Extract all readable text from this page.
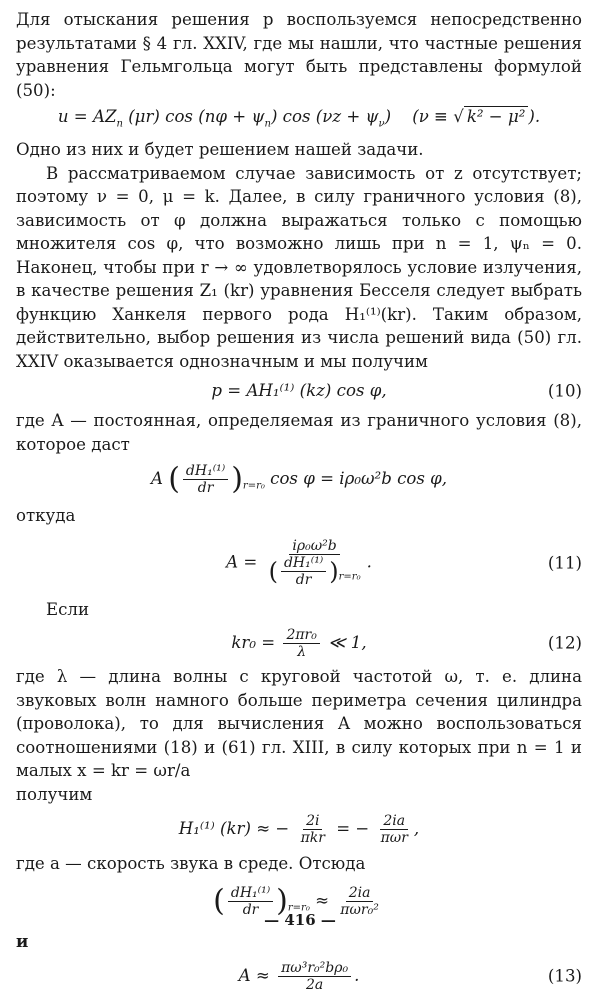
Для отыскания решения p воспользуемся непосредственно результатами § 4 гл. XXIV, где мы нашли, что частные решения уравнения Гельмгольца могут быть представлены формулой (50):

$u = AZ_n$ (μr) $\cos (n\varphi + \psi_n)$ $\cos (\nu z + \psi_\nu)$ (ν ≡ √ k² − μ² ).

Одно из них и будет решением нашей задачи.

В рассматриваемом случае зависимость от z отсутствует; поэтому ν = 0, μ = k. Далее, в силу граничного условия (8), зависимость от φ должна выражаться только с помощью множителя cos φ, что возможно лишь при n = 1, ψₙ = 0. Наконец, чтобы при r → ∞ удовлетворялось условие излучения, в качестве решения Z₁ (kr) уравнения Бесселя следует выбрать функцию Ханкеля первого рода H₁⁽¹⁾(kr). Таким образом, действительно, выбор решения из числа решений вида (50) гл. XXIV оказывается однозначным и мы получим

p = AH₁⁽¹⁾ (kz) cos φ,	(10)

где A — постоянная, определяемая из граничного условия (8), которое даст

A ( $\frac{\text{dH₁⁽¹⁾}}{dr} )_{r=r_0}$ cos φ = iρ₀ω²b cos φ,

откуда

$A = \frac{\text{iρ₀ω²b}}{( \frac{\text{dH₁⁽¹⁾}}{dr} )_{r=r_0}}$ .	(11)

Если

$kr_0 = \frac{\text{2πr₀}}{\lambda}$ ≪ 1,	(12)

где λ — длина волны с круговой частотой ω, т. е. длина звуковых волн намного больше периметра сечения цилиндра (проволока), то для вычисления A можно воспользоваться соотношениями (18) и (61) гл. XIII, в силу которых при n = 1 и малых x = kr = ωr/a

получим

H₁⁽¹⁾ (kr) ≈ − $\frac{2i}{\text{πkr}}$ = − $\frac{2ia}{\text{πωr}}$ ,

где a — скорость звука в среде. Отсюда

( $\frac{\text{dH₁⁽¹⁾}}{dr} )_{r=r_0} \approx \frac{2ia}{\text{πωr₀²}}$

и

$A \approx \frac{\text{πω³r₀²bρ₀}}{2a}$ .	(13)
— 416 —
